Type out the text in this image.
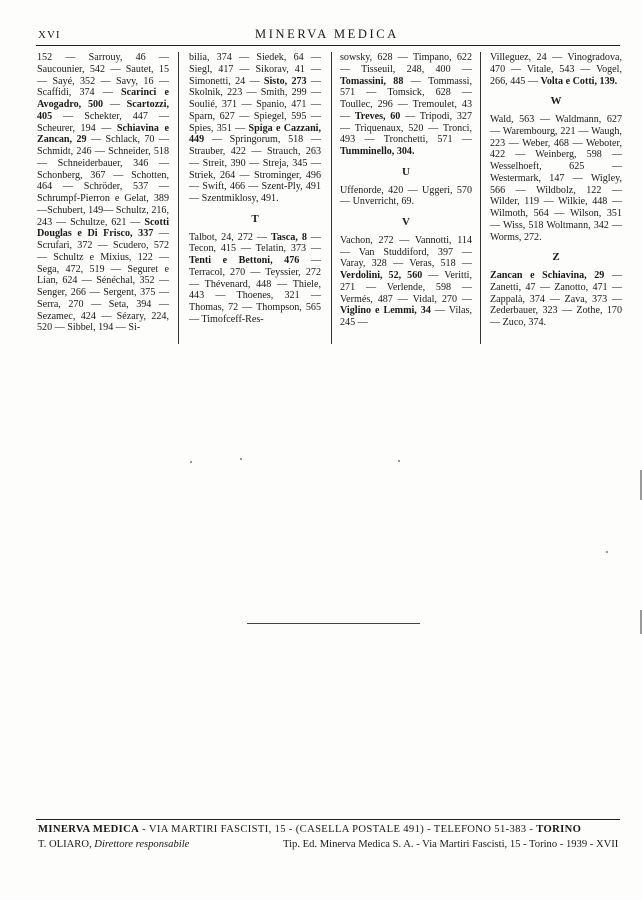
XVI	MINERVA MEDICA

152 — Sarrouy, 46 — Saucounier, 542 — Sautet, 15 — Sayé, 352 — Savy, 16 — Scaffidi, 374 — Scarinci e Avogadro, 500 — Scartozzi, 405 — Schekter, 447 — Scheurer, 194 — Schiavina e Zancan, 29 — Schlack, 70 — Schmidt, 246 — Schneider, 518 — Schneiderbauer, 346 — Schonberg, 367 — Schotten, 464 — Schröder, 537 — Schrumpf-Pierron e Gelat, 389—Schubert, 149— Schultz, 216, 243 — Schultze, 621 — Scotti Douglas e Di Frisco, 337 — Scrufari, 372 — Scudero, 572 — Schultz e Mixius, 122 — Sega, 472, 519 — Seguret e Lian, 624 — Sénéchal, 352 — Senger, 266 — Sergent, 375 — Serra, 270 — Seta, 394 — Sezamec, 424 — Sézary, 224, 520 — Sibbel, 194 — Si-

bilia, 374 — Siedek, 64 — Siegl, 417 — Sikorav, 41 — Simonetti, 24 — Sisto, 273 — Skolnik, 223 — Smith, 299 — Soulié, 371 — Spanio, 471 — Sparn, 627 — Spiegel, 595 — Spies, 351 — Spiga e Cazzani, 449 — Springorum, 518 — Strauber, 422 — Strauch, 263 — Streit, 390 — Streja, 345 — Striek, 264 — Strominger, 496 — Swift, 466 — Szent-Ply, 491 — Szentmiklosy, 491.

T

Talbot, 24, 272 — Tasca, 8 — Tecon, 415 — Telatin, 373 — Tenti e Bettoni, 476 — Terracol, 270 — Teyssier, 272 — Thévenard, 448 — Thiele, 443 — Thoenes, 321 — Thomas, 72 — Thompson, 565 — Timofceff-Res-

sowsky, 628 — Timpano, 622 — Tisseuil, 248, 400 — Tomassini, 88 — Tommassi, 571 — Tomsick, 628 — Toullec, 296 — Tremoulet, 43 — Treves, 60 — Tripodi, 327 — Triquenaux, 520 — Tronci, 493 — Tronchetti, 571 — Tumminello, 304.

U

Uffenorde, 420 — Uggeri, 570 — Unverricht, 69.

V

Vachon, 272 — Vannotti, 114 — Van Studdiford, 397 — Varay, 328 — Veras, 518 — Verdolini, 52, 560 — Veritti, 271 — Verlende, 598 — Vermés, 487 — Vidal, 270 — Viglino e Lemmi, 34 — Vilas, 245 —

Villeguez, 24 — Vinogradova, 470 — Vitale, 543 — Vogel, 266, 445 — Volta e Cotti, 139.

W

Wald, 563 — Waldmann, 627 — Warembourg, 221 — Waugh, 223 — Weber, 468 — Weboter, 422 — Weinberg, 598 — Wesselhoeft, 625 — Westermark, 147 — Wigley, 566 — Wildbolz, 122 — Wilder, 119 — Wilkie, 448 — Wilmoth, 564 — Wilson, 351 — Wiss, 518 Woltmann, 342 — Worms, 272.

Z

Zancan e Schiavina, 29 — Zanetti, 47 — Zanotto, 471 — Zappalà, 374 — Zava, 373 — Zederbauer, 323 — Zothe, 170 — Zuco, 374.

MINERVA MEDICA - VIA MARTIRI FASCISTI, 15 - (CASELLA POSTALE 491) - TELEFONO 51-383 - TORINO
T. OLIARO, Direttore responsabile	Tip. Ed. Minerva Medica S. A. - Via Martiri Fascisti, 15 - Torino - 1939 - XVII
